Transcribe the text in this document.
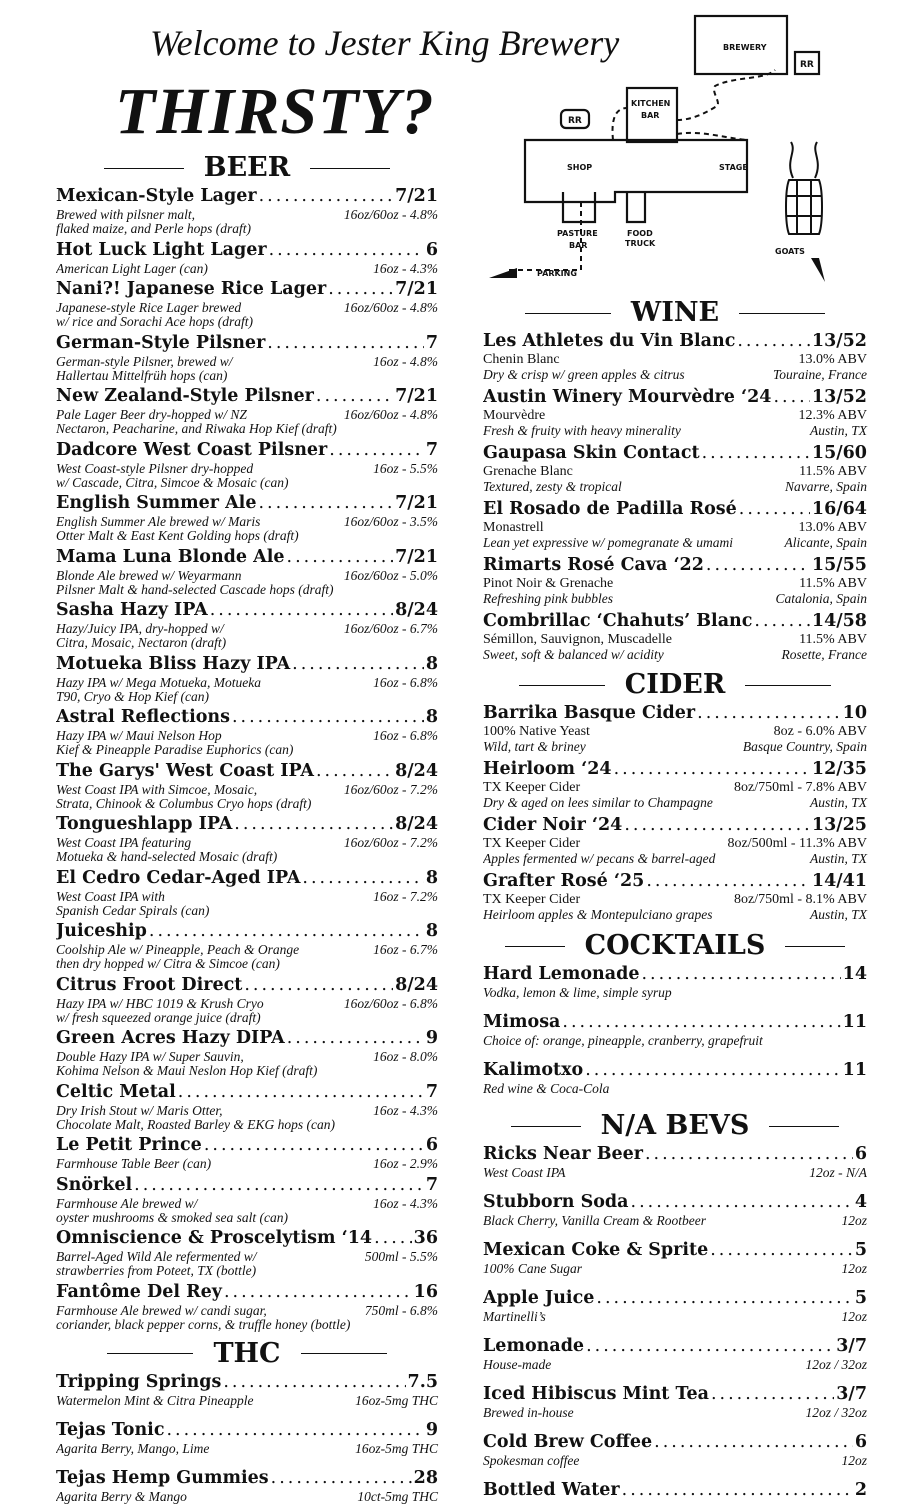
Welcome to Jester King Brewery
THIRSTY?
BREWERY
RR
RR
KITCHEN
BAR
SHOP	STAGE
PASTURE
BAR
FOOD
TRUCK
GOATS
PARKING
BEER
Mexican-Style Lager .....	7/21
Brewed with pilsner malt,	16oz/60oz - 4.8%
flaked maize, and Perle hops (draft)
Hot Luck Light Lager .....	6
American Light Lager (can)	16oz - 4.3%
Nani?! Japanese Rice Lager .....	7/21
Japanese-style Rice Lager brewed	16oz/60oz - 4.8%
w/ rice and Sorachi Ace hops (draft)
German-Style Pilsner .....	7
German-style Pilsner, brewed w/	16oz - 4.8%
Hallertau Mittelfrüh hops (can)
New Zealand-Style Pilsner .....	7/21
Pale Lager Beer dry-hopped w/ NZ	16oz/60oz - 4.8%
Nectaron, Peacharine, and Riwaka Hop Kief (draft)
Dadcore West Coast Pilsner .....	7
West Coast-style Pilsner dry-hopped	16oz - 5.5%
w/ Cascade, Citra, Simcoe & Mosaic (can)
English Summer Ale .....	7/21
English Summer Ale brewed w/ Maris	16oz/60oz - 3.5%
Otter Malt & East Kent Golding hops (draft)
Mama Luna Blonde Ale .....	7/21
Blonde Ale brewed w/ Weyarmann	16oz/60oz - 5.0%
Pilsner Malt & hand-selected Cascade hops (draft)
Sasha Hazy IPA .....	8/24
Hazy/Juicy IPA, dry-hopped w/	16oz/60oz - 6.7%
Citra, Mosaic, Nectaron (draft)
Motueka Bliss Hazy IPA .....	8
Hazy IPA w/ Mega Motueka, Motueka	16oz - 6.8%
T90, Cryo & Hop Kief (can)
Astral Reflections .....	8
Hazy IPA w/ Maui Nelson Hop	16oz - 6.8%
Kief & Pineapple Paradise Euphorics (can)
The Garys' West Coast IPA .....	8/24
West Coast IPA with Simcoe, Mosaic,	16oz/60oz - 7.2%
Strata, Chinook & Columbus Cryo hops (draft)
Tongueshlapp IPA .....	8/24
West Coast IPA featuring	16oz/60oz - 7.2%
Motueka & hand-selected Mosaic (draft)
El Cedro Cedar-Aged IPA .....	8
West Coast IPA with	16oz - 7.2%
Spanish Cedar Spirals (can)
Juiceship .....	8
Coolship Ale w/ Pineapple, Peach & Orange	16oz - 6.7%
then dry hopped w/ Citra & Simcoe (can)
Citrus Froot Direct .....	8/24
Hazy IPA w/ HBC 1019 & Krush Cryo	16oz/60oz - 6.8%
w/ fresh squeezed orange juice (draft)
Green Acres Hazy DIPA .....	9
Double Hazy IPA w/ Super Sauvin,	16oz - 8.0%
Kohima Nelson & Maui Neslon Hop Kief (draft)
Celtic Metal .....	7
Dry Irish Stout w/ Maris Otter,	16oz - 4.3%
Chocolate Malt, Roasted Barley & EKG hops (can)
Le Petit Prince .....	6
Farmhouse Table Beer (can)	16oz - 2.9%
Snörkel .....	7
Farmhouse Ale brewed w/	16oz - 4.3%
oyster mushrooms & smoked sea salt (can)
Omniscience & Proscelytism ‘14 ..... 36
Barrel-Aged Wild Ale refermented w/	500ml - 5.5%
strawberries from Poteet, TX (bottle)
Fantôme Del Rey .....	16
Farmhouse Ale brewed w/ candi sugar,	750ml - 6.8%
coriander, black pepper corns, & truffle honey (bottle)
THC
Tripping Springs .....	7.5
Watermelon Mint & Citra Pineapple	16oz-5mg THC
Tejas Tonic .....	9
Agarita Berry, Mango, Lime	16oz-5mg THC
Tejas Hemp Gummies .....	28
Agarita Berry & Mango	10ct-5mg THC
WINE
Les Athletes du Vin Blanc .....	13/52
Chenin Blanc	13.0% ABV
Dry & crisp w/ green apples & citrus	Touraine, France
Austin Winery Mourvèdre ‘24 ..... 13/52
Mourvèdre	12.3% ABV
Fresh & fruity with heavy minerality	Austin, TX
Gaupasa Skin Contact .....	15/60
Grenache Blanc	11.5% ABV
Textured, zesty & tropical	Navarre, Spain
El Rosado de Padilla Rosé .....	16/64
Monastrell	13.0% ABV
Lean yet expressive w/ pomegranate & umami	Alicante, Spain
Rimarts Rosé Cava ‘22 .....	15/55
Pinot Noir & Grenache	11.5% ABV
Refreshing pink bubbles	Catalonia, Spain
Combrillac ‘Chahuts’ Blanc .....	14/58
Sémillon, Sauvignon, Muscadelle	11.5% ABV
Sweet, soft & balanced w/ acidity	Rosette, France
CIDER
Barrika Basque Cider .....	10
100% Native Yeast	8oz - 6.0% ABV
Wild, tart & briney	Basque Country, Spain
Heirloom ‘24 .....	12/35
TX Keeper Cider	8oz/750ml - 7.8% ABV
Dry & aged on lees similar to Champagne	Austin, TX
Cider Noir ‘24 .....	13/25
TX Keeper Cider	8oz/500ml - 11.3% ABV
Apples fermented w/ pecans & barrel-aged	Austin, TX
Grafter Rosé ‘25 .....	14/41
TX Keeper Cider	8oz/750ml - 8.1% ABV
Heirloom apples & Montepulciano grapes	Austin, TX
COCKTAILS
Hard Lemonade .....	14
Vodka, lemon & lime, simple syrup
Mimosa .....	11
Choice of: orange, pineapple, cranberry, grapefruit
Kalimotxo .....	11
Red wine & Coca-Cola
N/A BEVS
Ricks Near Beer .....	6
West Coast IPA	12oz - N/A
Stubborn Soda .....	4
Black Cherry, Vanilla Cream & Rootbeer	12oz
Mexican Coke & Sprite .....	5
100% Cane Sugar	12oz
Apple Juice .....	5
Martinelli’s	12oz
Lemonade .....	3/7
House-made	12oz / 32oz
Iced Hibiscus Mint Tea .....	3/7
Brewed in-house	12oz / 32oz
Cold Brew Coffee .....	6
Spokesman coffee	12oz
Bottled Water .....	2
